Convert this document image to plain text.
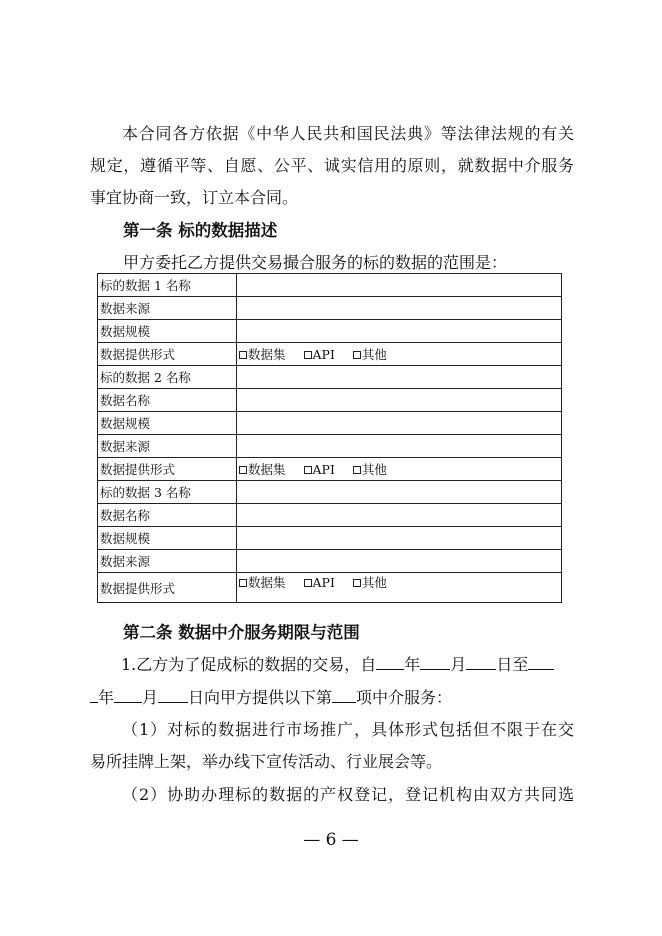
本合同各方依据《中华人民共和国民法典》等法律法规的有关
规定，遵循平等、自愿、公平、诚实信用的原则，就数据中介服务
事宜协商一致，订立本合同。
第一条 标的数据描述
甲方委托乙方提供交易撮合服务的标的数据的范围是：
标的数据 1 名称	
数据来源	
数据规模	
数据提供形式	数据集 API 其他
标的数据 2 名称	
数据名称	
数据规模	
数据来源	
数据提供形式	数据集 API 其他
标的数据 3 名称	
数据名称	
数据规模	
数据来源	
数据提供形式	数据集 API 其他
第二条 数据中介服务期限与范围
1.乙方为了促成标的数据的交易，自 年 月 日至
年 月 日向甲方提供以下第 项中介服务：
（1）对标的数据进行市场推广，具体形式包括但不限于在交
易所挂牌上架，举办线下宣传活动、行业展会等。
（2）协助办理标的数据的产权登记，登记机构由双方共同选
— 6 —
